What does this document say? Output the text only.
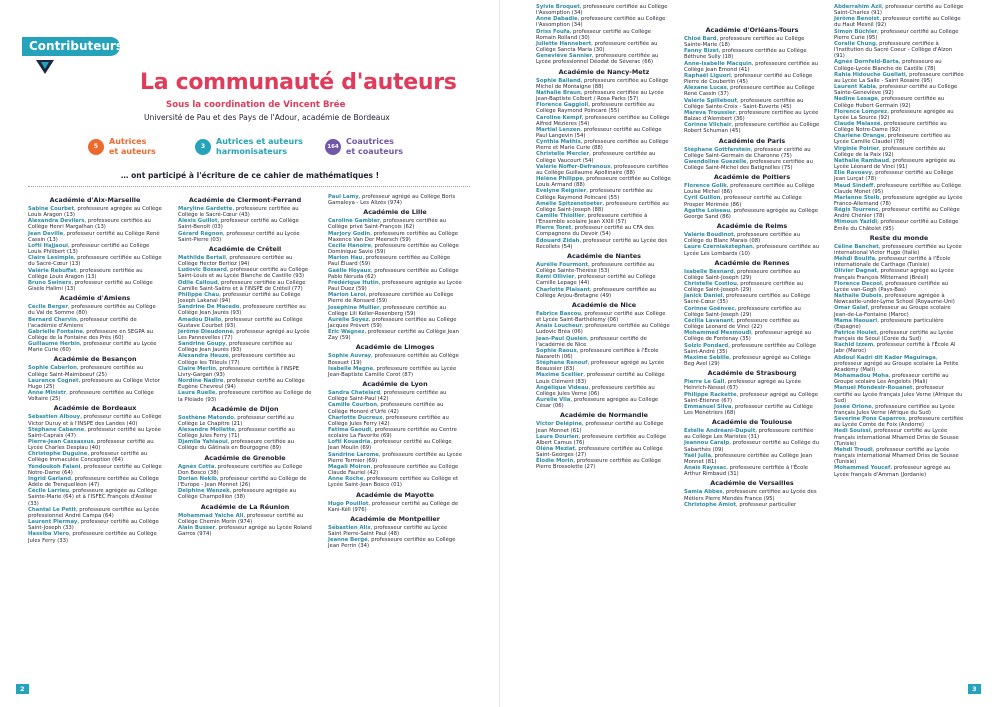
Contributeurs
La communauté d'auteurs
Sous la coordination de Vincent Brée
Université de Pau et des Pays de l'Adour, académie de Bordeaux
5
Autrices
et auteurs	3
Autrices et auteurs
harmonisateurs	164
Coautrices
et coauteurs
… ont participé à l'écriture de ce cahier de mathématiques !
Académie d'Aix-Marseille

Sabine Courbet, professeure agrégée au Collège Louis Aragon (13)

Alexandra Devilers, professeure certifiée au Collège Henri Margalhan (13)

Jean Deville, professeur certifié au Collège René Cassin (13)

Lofti Hajjaoui, professeur certifié au Collège Louis Philibert (13)

Claire Lesimple, professeure certifiée au Collège du Sacré-Cœur (13)

Valérie Rebuffat, professeure certifiée au Collège Louis Aragon (13)

Bruno Swiners, professeur certifié au Collège Gisèle Halimi (13)

Académie d'Amiens

Cécile Berger, professeure certifiée au Collège du Val de Somme (80)

Bernard Chervin, professeur certifié de l'académie d'Amiens

Gabrielle Fontaine, professeure en SEGPA au Collège de la Fontaine des Prés (60)

Guillaume Herbin, professeur certifié au Lycée Marie Curie (60)

Académie de Besançon

Sophie Caberlon, professeure certifiée au Collège Saint-Maimboeuf (25)

Laurence Cognet, professeure au Collège Victor Hugo (25)

Anne Ministr, professeure certifiée au Collège Voltaire (25)

Académie de Bordeaux

Sébastien Albouy, professeur certifié au Collège Victor Duruy et à l'INSPE des Landes (40)

Stéphane Cabanne, professeur certifié au Lycée Saint-Caprais (47)

Pierre-Jean Cassassus, professeur certifié au Lycée Charles Despiau (40)

Christophe Duguine, professeur certifié au Collège Immaculée Conception (64)

Yendoukoh Falani, professeur certifié au Collège Notre-Dame (64)

Ingrid Garland, professeure certifiée au Collège Adèle de Trenquelléon (47)

Cécile Larrieu, professeure agrégée au Collège Sainte-Marie (64) et à l'ISFEC François d'Assise (33)

Chantal Le Petit, professeure certifiée au Lycée professionnel André Campa (64)

Laurent Piermay, professeur certifié au Collège Saint-Joseph (33)

Hassiba Viero, professeure certifiée au Collège Jules Ferry (33)

Académie de Clermont-Ferrand

Maryline Gardette, professeure certifiée au Collège le Sacré-Cœur (43)

Alexis Guillot, professeur certifié au Collège Saint-Benoît (03)

Gérard Régnon, professeur certifié au Lycée Saint-Pierre (03)

Académie de Créteil

Mathilde Bertail, professeure certifiée au Collège Hector Berlioz (94)

Ludovic Bossard, professeur certifié au Collège Saint-Louis et au Lycée Blanche de Castille (93)

Odile Calloud, professeure certifiée au Collège Camille Saint-Saëns et à l'INSPE de Créteil (77)

Philippe Chau, professeur certifié au Collège Joseph Lakanal (94)

Sandrine De Macedo, professeure certifiée au Collège Jean Jaurès (93)

Amadou Diallo, professeur certifié au Collège Gustave Courbet (93)

Jérôme Dieudonné, professeur agrégé au Lycée Les Pannevelles (77)

Sandrine Goupy, professeure certifiée au Collège Jean Jaurès (93)

Alexandra Heuzé, professeure certifiée au Collège les Tilleuls (77)

Claire Merlin, professeure certifiée à l'INSPE Livry-Gargan (93)

Nordine Nadire, professeur certifié au Collège Eugène Chevreul (94)

Laura Ruelle, professeure certifiée au Collège de la Pléiade (93)

Académie de Dijon

Sosthène Matondo, professeur certifié au Collège Le Chapitre (21)

Alexandre Mollette, professeur certifié au Collège Jules Ferry (71)

Djamila Yahiaoui, professeure certifiée au Collège du Gâtinais en Bourgogne (89)

Académie de Grenoble

Agnès Cotta, professeure certifiée au Collège Don Bosco (38)

Dorian Nekib, professeur certifié au Collège de l'Europe - Jean Monnet (26)

Delphine Wenzek, professeure agrégée au Collège Champollion (38)

Académie de La Réunion

Mohammad Yaiche Ali, professeur certifié au Collège Chemin Morin (974)

Alain Busser, professeur agrégé au Lycée Roland Garros (974)

Paul Lamy, professeur agrégé au Collège Boris Gamaleya - Les Alizés (974)

Académie de Lille

Caroline Gambier, professeure certifiée au Collège privé Saint-François (62)

Marjory Godin, professeure certifiée au Collège Maxence Van Der Meersch (59)

Cécile Hanoire, professeure certifiée au Collège Dominique Savio (59)

Marion Hau, professeure certifiée au Collège Paul Éluard (59)

Gaëlle Hoyaux, professeure certifiée au Collège Pablo Neruda (62)

Frédérique Hutin, professeure agrégée au Lycée Paul Duez (59)

Marion Leroi, professeure certifiée au Collège Pierre de Ronsard (59)

Joséphine Mullier, professeure certifiée au Collège Lili Keller-Rosenberg (59)

Aurélie Soyez, professeure certifiée au Collège Jacques Prévert (59)

Eric Wagnez, professeur certifié au Collège Jean Zay (59)

Académie de Limoges

Sophie Auvray, professeure certifiée au Collège Bossuet (19)

Isabelle Magne, professeure certifiée au Lycée Jean-Baptiste Camille Corot (87)

Académie de Lyon

Sandra Chatelard, professeure certifiée au Collège Saint-Paul (42)

Camille Courbon, professeure certifiée au Collège Honoré d'Urfé (42)

Charlotte Ducreux, professeure certifiée au Collège Jules Ferry (42)

Fatima Gaoudi, professeure certifiée au Centre scolaire La Favorite (69)

Lofti Kouadria, professeur certifié au Collège Jean Moulin (69)

Sandrine Larome, professeure certifiée au Lycée Pierre Termier (69)

Magali Moiron, professeure certifiée au Collège Claude Fauriel (42)

Anne Roche, professeure certifiée au Collège et Lycée Saint-Jean Bosco (01)

Académie de Mayotte

Hugo Pouillot, professeur certifié au Collège de Kani-Kéli (976)

Académie de Montpellier

Sébastien Alix, professeur certifié au Lycée Saint Pierre-Saint Paul (48)

Jeanne Bergé, professeure certifiée au Collège Jean Perrin (34)

2

Sylvie Broquet, professeure certifiée au Collège l'Assomption (34)

Anne Dabadie, professeure certifiée au Collège l'Assomption (34)

Driss Foufa, professeur certifié au Collège Romain Rolland (30)

Juliette Hannebert, professeure certifiée au Collège Sancta Maria (30)

Geneviève Sannier, professeure certifiée au Lycée professionnel Déodat de Séverac (66)

Académie de Nancy-Metz

Sophie Balland, professeure certifiée au Collège Michel de Montaigne (88)

Nathalie Braun, professeure certifiée au Lycée Jean-Baptiste Colbert / Rosa Parks (57)

Florence Gaggioli, professeure certifiée au Collège Raymond Poincaré (55)

Caroline Kempf, professeure certifiée au Collège Alfred Mézières (54)

Martial Lenzen, professeur certifié au Collège Paul Langevin (54)

Cynthia Mathis, professeure certifiée au Collège Pierre et Marie Curie (88)

Christelle Mercier, professeure certifiée au Collège Vaucourt (54)

Valérie Noffer-Defranoux, professeure certifiée au Collège Guillaume Apollinaire (88)

Hélène Philippe, professeure certifiée au Collège Louis Armand (88)

Evelyne Reignier, professeure certifiée au Collège Raymond Poincaré (55)

Amélie Spitzenstoeter, professeure certifiée au Collège Saint-Joseph (88)

Camille Thiollier, professeure certifiée à l'Ensemble scolaire Jean XXIII (57)

Pierre Toret, professeur certifié au CFA des Compagnons du Devoir (54)

Édouard Zidah, professeur certifié au Lycée des Recollets (54)

Académie de Nantes

Aurélie Fourmont, professeure certifiée au Collège Sainte-Thérèse (53)

Rémi Ollivier, professeur certifié au Collège Camille Lepage (44)

Charlotte Plaisant, professeure certifiée au Collège Anjou-Bretagne (49)

Académie de Nice

Fabrice Bascou, professeur certifié aux Collège et Lycée Saint-Barthélemy (06)

Anaïs Loucheur, professeure certifiée au Collège Ludovic Bréa (06)

Jean-Paul Quelen, professeur certifié de l'académie de Nice

Sophie Raoux, professeure certifiée à l'École Nazareth (06)

Stéphane Renouf, professeur agrégé au Lycée Beaussier (83)

Maxime Scellier, professeur certifié au Collège Louis Clément (83)

Angélique Videau, professeure certifiée au Collège Jules Verne (06)

Aurélie Vila, professeure agrégée au Collège César (06)

Académie de Normandie

Victor Delépine, professeur certifié au Collège Jean Monnet (61)

Laura Dourlen, professeure certifiée au Collège Albert Camus (76)

Oléna Meziat, professeure certifiée au Collège Saint-Georges (27)

Élodie Morin, professeure certifiée au Collège Pierre Brossolette (27)

Académie d'Orléans-Tours

Chloé Bard, professeure certifiée au Collège Sainte-Marie (18)

Fanny Bizet, professeure certifiée au Collège Béthune Sully (18)

Anne-Isabelle Macquin, professeure certifiée au Collège Jean Emond (41)

Raphaël Liguori, professeur certifié au Collège Pierre de Coubertin (45)

Alexane Lucas, professeure certifiée au Collège René Cassin (37)

Valérie Spillebout, professeure certifiée au Collège Sainte-Croix - Saint-Euverte (45)

Mareva Troussier, professeure certifiée au Lycée Balzac d'Alembert (36)

Corinne Vilchair, professeure certifiée au Collège Robert Schuman (45)

Académie de Paris

Stéphane Gottfarstein, professeur certifié au Collège Saint-Germain de Charonne (75)

Gwendoline Guezelle, professeure certifiée au Collège Saint-Michel des Batignolles (75)

Académie de Poitiers

Florence Golik, professeure certifiée au Collège Louise Michel (86)

Cyril Guillon, professeur certifié au Collège Prosper Mérimée (86)

Agathe Loiseau, professeure agrégée au Collège George Sand (86)

Académie de Reims

Valérie Boudinot, professeure certifiée au Collège du Blanc Marais (08)

Laure Czerniakstephan, professeure certifiée au Lycée Les Lombards (10)

Académie de Rennes

Isabelle Besnard, professeure certifiée au Collège Saint-Joseph (29)

Christelle Costiou, professeure certifiée au Collège Saint-Joseph (29)

Janick Daniel, professeure certifiée au Collège Sacré-Cœur (35)

Corinne Goënvec, professeure certifiée au Collège Saint-Joseph (29)

Cécilia Lavanant, professeure certifiée au Collège Léonard de Vinci (22)

Mohammed Mesmoudi, professeur agrégé au Collège de Fontenay (35)

Soizic Pondard, professeure certifiée au Collège Saint-André (35)

Maxime Sebille, professeur agrégé au Collège Beg Avel (29)

Académie de Strasbourg

Pierre Le Gall, professeur agrégé au Lycée Heinrich-Nessel (67)

Philippe Rackette, professeur agrégé au Collège Saint-Étienne (67)

Emmanuel Silva, professeur certifié au Collège Les Ménétriers (68)

Académie de Toulouse

Estelle Andréani-Dupuit, professeure certifiée au Collège Les Maristes (31)

Jeannou Caralp, professeur certifié au Collège du Sabarthès (09)

Yaël Julia, professeure certifiée au Collège Jean Monnet (81)

Anaïs Rayssac, professeure certifiée à l'École Arthur Rimbaud (31)

Académie de Versailles

Samia Abbes, professeure certifiée au Lycée des Métiers Pierre Mendès France (95)

Christophe Amiot, professeur particulier

Abderrahim Azil, professeur certifié au Collège Saint-Charles (91)

Jérôme Benoist, professeur certifié au Collège du Haut Mesnil (92)

Simon Büchler, professeur certifié au Collège Pierre Curie (95)

Coralie Chung, professeure certifiée à l'Institution du Sacré Coeur - Collège d'Alzon (91)

Agnès Dornfeld-Barta, professeure au Collège-Lycée Blanche de Castille (78)

Rahia Hidouche Guellati, professeure certifiée au Lycée La Salle - Saint Rosaire (95)

Laurent Kabla, professeur certifié au Collège Sainte-Geneviève (92)

Nadine Lesage, professeure certifiée au Collège Hubert Germain (92)

Florence Lomprez, professeure agrégée au Lycée La Source (92)

Claude Malassé, professeure certifiée au Collège Notre-Dame (92)

Charlene Orange, professeure certifiée au Lycée Camille Claudel (78)

Virginie Poirier, professeure certifiée au Collège de la Paix (92)

Nathalie Rambaud, professeure agrégée au Lycée Léonard de Vinci (91)

Elie Ravoavy, professeur certifié au Collège Jean Lurçat (78)

Maud Sindeff, professeure certifiée au Collège Claude Monet (95)

Marianne Steib, professeure agrégée au Lycée Franco-Allemand (78)

Régis Tourrenc, professeur certifié au Collège André Chénier (78)

Mimoun Yazidi, professeur certifié au Collège Émile du Châtelet (95)

Reste du monde

Céline Banchet, professeure certifiée au Lycée international Victor Hugo (Italie)

Mehdi Boulifa, professeur certifié à l'École internationale de Carthage (Tunisie)

Olivier Dagnat, professeur agrégé au Lycée français François Mitterrand (Brésil)

Florence Decool, professeure certifiée au Lycée van-Gogh (Pays-Bas)

Nathalie Dubois, professeure agrégée à Newcastle-under-Lyme School (Royaume-Uni)

Omar Galaf, professeur au Groupe scolaire Jean-de-La-Fontaine (Maroc)

Mama Haouari, professeure particulière (Espagne)

Patrice Houlet, professeur certifié au Lycée français de Séoul (Corée du Sud)

Rachid Izzem, professeur certifié à l'École Al Jabr (Maroc)

Abdoul Kadri dit Kader Maguiraga, professeur agrégé au Groupe scolaire La Petite Académy (Mali)

Mohamadou Moha, professeur certifié au Groupe scolaire Les Angelots (Mali)

Manuel Mondesir-Rouanet, professeur certifié au Lycée français Jules Verne (Afrique du Sud)

Josée Orione, professeure certifiée au Lycée français Jules Verne (Afrique du Sud)

Séverine Pons Caparros, professeure certifiée au Lycée Comte de Foix (Andorre)

Hedi Souissi, professeur certifié au Lycée français international Mhamed Driss de Sousse (Tunisie)

Mehdi Troudi, professeur certifié au Lycée français international Mhamed Driss de Sousse (Tunisie)

Mohammed Youcef, professeur agrégé au Lycée français d'Amman (Jordanie)

3
